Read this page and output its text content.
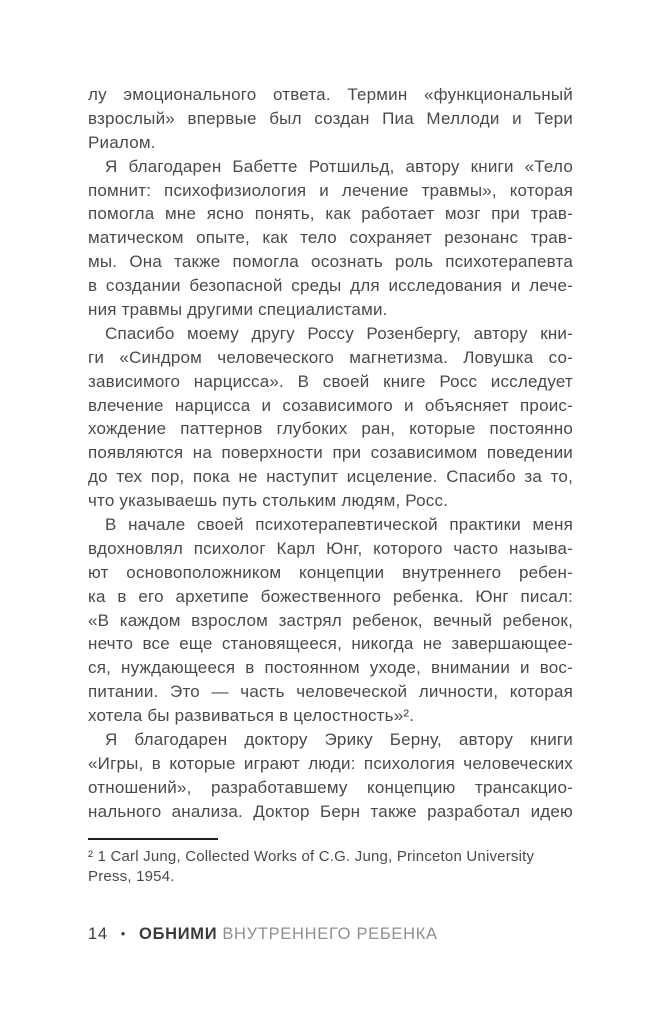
лу эмоционального ответа. Термин «функциональный
взрослый» впервые был создан Пиа Меллоди и Тери
Риалом.
Я благодарен Бабетте Ротшильд, автору книги «Тело
помнит: психофизиология и лечение травмы», которая
помогла мне ясно понять, как работает мозг при трав-
матическом опыте, как тело сохраняет резонанс трав-
мы. Она также помогла осознать роль психотерапевта
в создании безопасной среды для исследования и лече-
ния травмы другими специалистами.
Спасибо моему другу Россу Розенбергу, автору кни-
ги «Синдром человеческого магнетизма. Ловушка со-
зависимого нарцисса». В своей книге Росс исследует
влечение нарцисса и созависимого и объясняет проис-
хождение паттернов глубоких ран, которые постоянно
появляются на поверхности при созависимом поведении
до тех пор, пока не наступит исцеление. Спасибо за то,
что указываешь путь стольким людям, Росс.
В начале своей психотерапевтической практики меня
вдохновлял психолог Карл Юнг, которого часто называ-
ют основоположником концепции внутреннего ребен-
ка в его архетипе божественного ребенка. Юнг писал:
«В каждом взрослом застрял ребенок, вечный ребенок,
нечто все еще становящееся, никогда не завершающее-
ся, нуждающееся в постоянном уходе, внимании и вос-
питании. Это — часть человеческой личности, которая
хотела бы развиваться в целостность»².
Я благодарен доктору Эрику Берну, автору книги
«Игры, в которые играют люди: психология человеческих
отношений», разработавшему концепцию трансакцио-
нального анализа. Доктор Берн также разработал идею
² 1 Carl Jung, Collected Works of C.G. Jung, Princeton University
Press, 1954.
14 • ОБНИМИ ВНУТРЕННЕГО РЕБЕНКА
